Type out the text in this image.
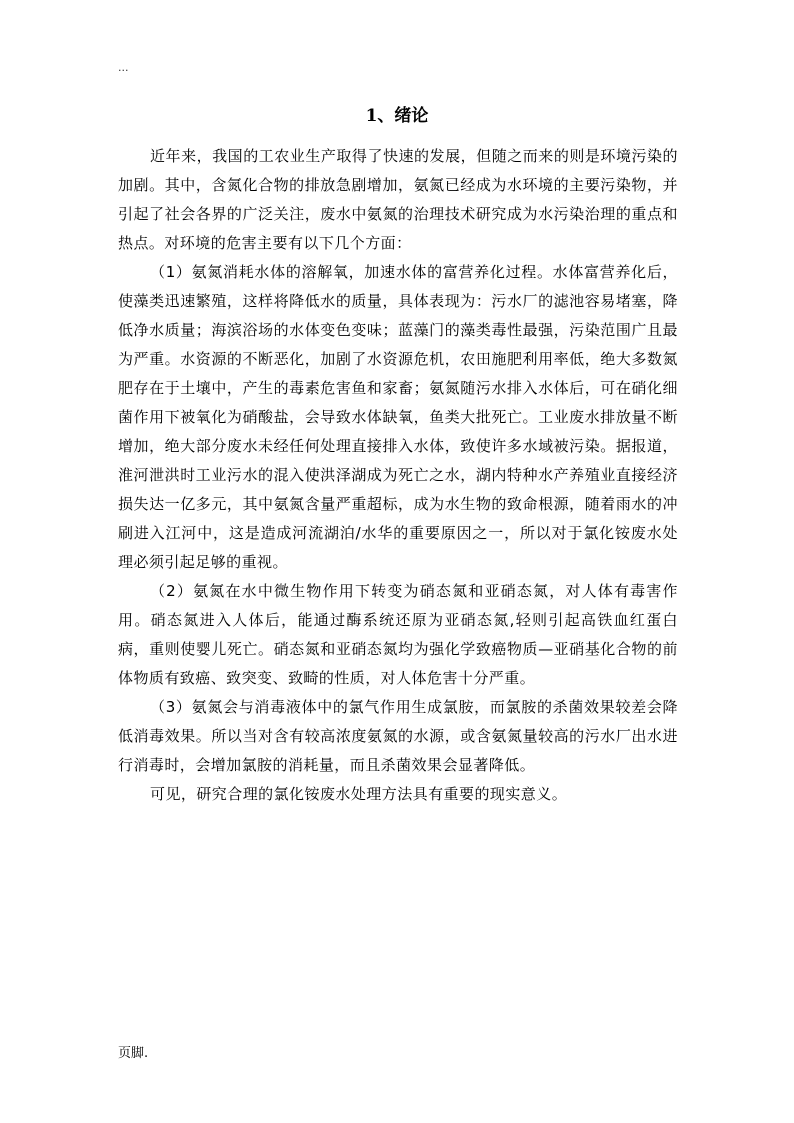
...
1、绪论

近年来，我国的工农业生产取得了快速的发展，但随之而来的则是环境污染的加剧。其中，含氮化合物的排放急剧增加，氨氮已经成为水环境的主要污染物，并引起了社会各界的广泛关注，废水中氨氮的治理技术研究成为水污染治理的重点和热点。对环境的危害主要有以下几个方面：

（1）氨氮消耗水体的溶解氧，加速水体的富营养化过程。水体富营养化后，使藻类迅速繁殖，这样将降低水的质量，具体表现为：污水厂的滤池容易堵塞，降低净水质量；海滨浴场的水体变色变味；蓝藻门的藻类毒性最强，污染范围广且最为严重。水资源的不断恶化，加剧了水资源危机，农田施肥利用率低，绝大多数氮肥存在于土壤中，产生的毒素危害鱼和家畜；氨氮随污水排入水体后，可在硝化细菌作用下被氧化为硝酸盐，会导致水体缺氧，鱼类大批死亡。工业废水排放量不断增加，绝大部分废水未经任何处理直接排入水体，致使许多水域被污染。据报道，淮河泄洪时工业污水的混入使洪泽湖成为死亡之水，湖内特种水产养殖业直接经济损失达一亿多元，其中氨氮含量严重超标，成为水生物的致命根源，随着雨水的冲刷进入江河中，这是造成河流湖泊/水华的重要原因之一，所以对于氯化铵废水处理必须引起足够的重视。

（2）氨氮在水中微生物作用下转变为硝态氮和亚硝态氮，对人体有毒害作用。硝态氮进入人体后，能通过酶系统还原为亚硝态氮,轻则引起高铁血红蛋白病，重则使婴儿死亡。硝态氮和亚硝态氮均为强化学致癌物质—亚硝基化合物的前体物质有致癌、致突变、致畸的性质，对人体危害十分严重。

（3）氨氮会与消毒液体中的氯气作用生成氯胺，而氯胺的杀菌效果较差会降低消毒效果。所以当对含有较高浓度氨氮的水源，或含氨氮量较高的污水厂出水进行消毒时，会增加氯胺的消耗量，而且杀菌效果会显著降低。

可见，研究合理的氯化铵废水处理方法具有重要的现实意义。

页脚.
